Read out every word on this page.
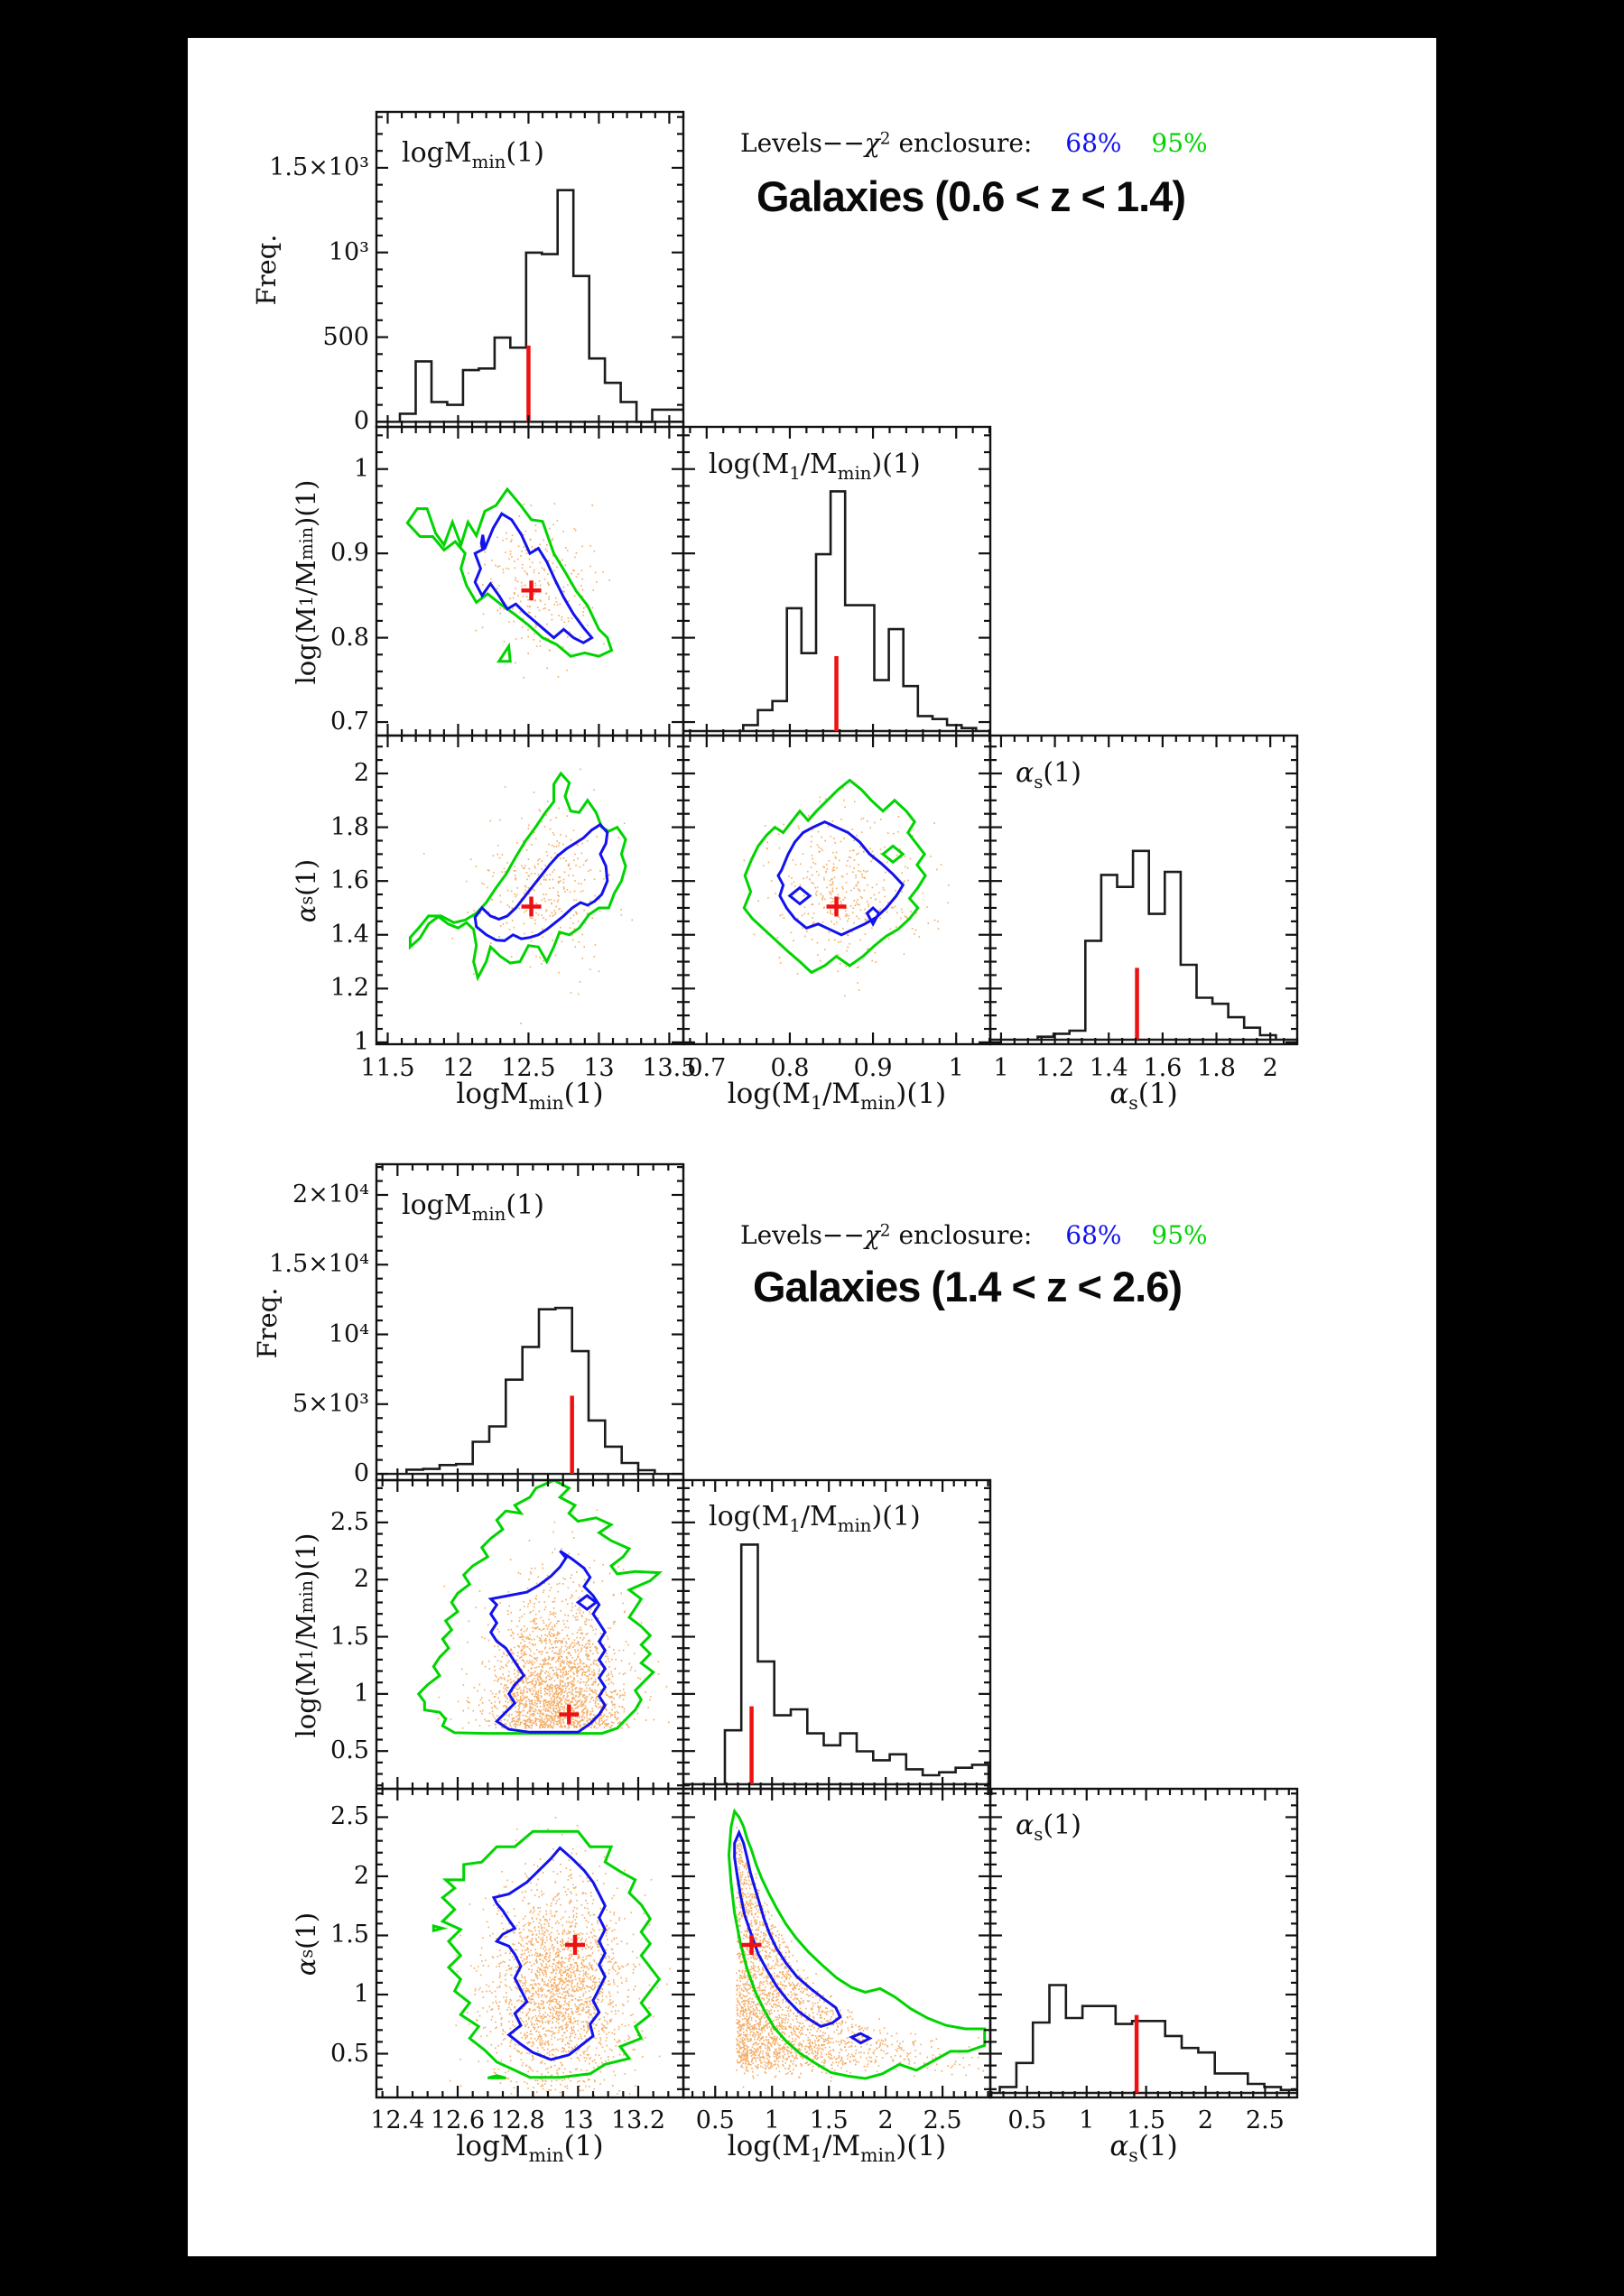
$Levels--\chi^2$ enclosure: 68% 95%
Galaxies (0.6 < z < 1.4)
Freq.
log(M
1
/M
min
)(1)
α
s
(1)
logM$_{min}$(1)
$\log(M_1/M_{min})(1)$
$\alpha_s(1)$
logM$_{min}$(1)	$\log(M_1/M_{min})(1)$	$\alpha_s(1)$
$Levels--\chi^2$ enclosure: 68% 95%
Galaxies (1.4 < z < 2.6)
Freq.
log(M
1
/M
min
)(1)
α
s
(1)
logM$_{min}$(1)
$\log(M_1/M_{min})(1)$
$\alpha_s(1)$
logM$_{min}$(1)	$\log(M_1/M_{min})(1)$	$\alpha_s(1)$
0
500
10³
1.5×10³
1
0.9
0.8
0.7
2
1.8
1.6
1.4
1.2
1
11.5	12	12.5	13	13.5
0.7	0.8	0.9	1	1	1.2 1.4 1.6 1.8	2
0
5×10³
10⁴
1.5×10⁴
2×10⁴
2.5
2
1.5
1
0.5
2.5
2
1.5
1
0.5
12.4 12.6 12.8 13 13.2	0.5	1	1.5	2	2.5	0.5	1	1.5	2	2.5
